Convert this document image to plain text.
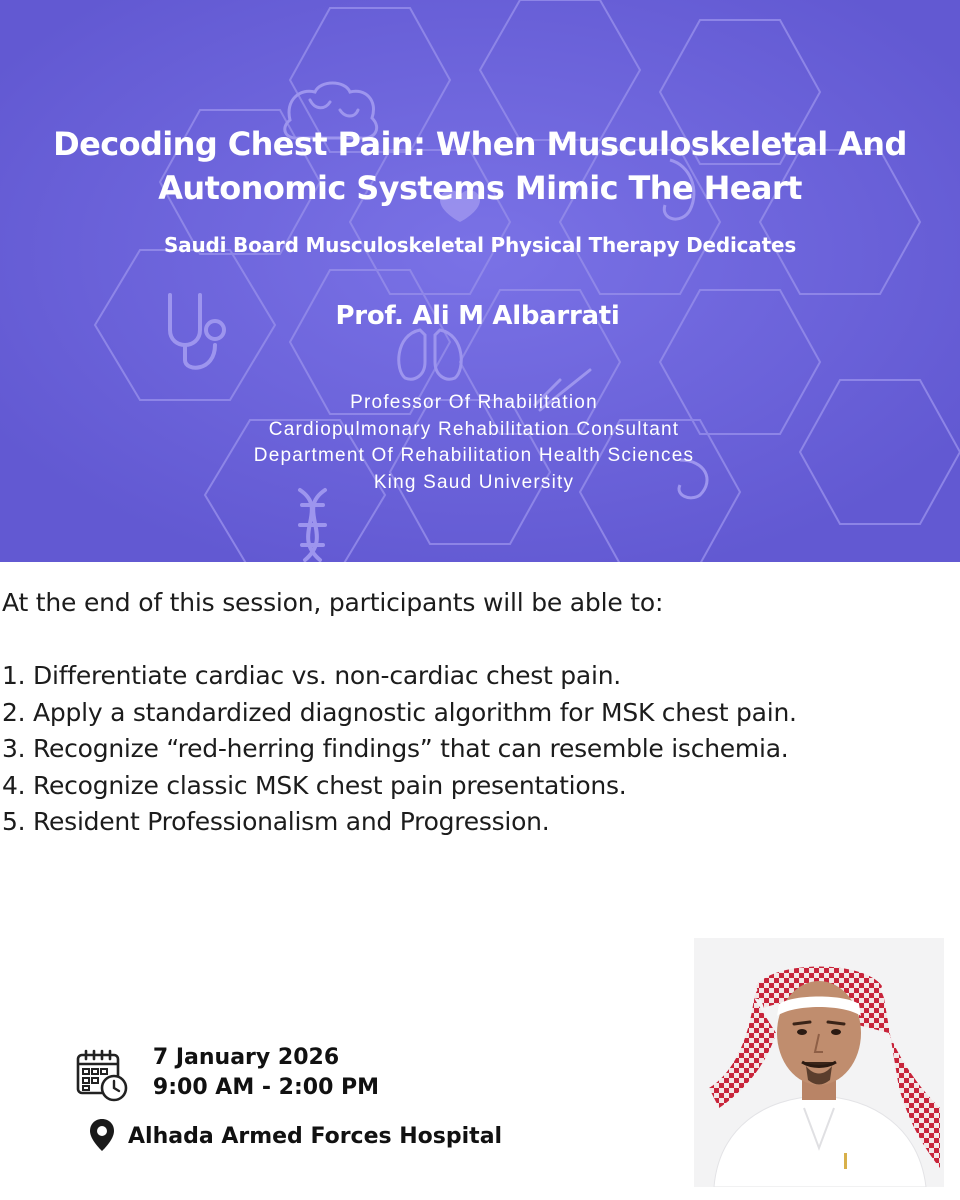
Decoding Chest Pain: When Musculoskeletal And Autonomic Systems Mimic The Heart
Saudi Board Musculoskeletal Physical Therapy Dedicates
Prof. Ali M Albarrati
Professor Of Rhabilitation
Cardiopulmonary Rehabilitation Consultant
Department Of Rehabilitation Health Sciences
King Saud University

At the end of this session, participants will be able to:

1. Differentiate cardiac vs. non-cardiac chest pain.
2. Apply a standardized diagnostic algorithm for MSK chest pain.
3. Recognize “red-herring findings” that can resemble ischemia.
4. Recognize classic MSK chest pain presentations.
5. Resident Professionalism and Progression.
7 January 2026
9:00 AM - 2:00 PM
Alhada Armed Forces Hospital
